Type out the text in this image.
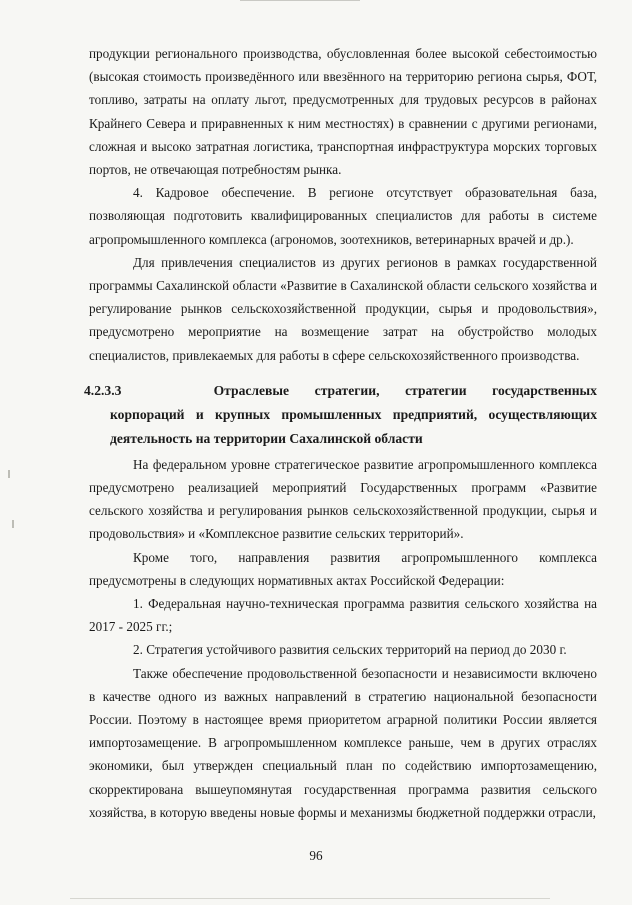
продукции регионального производства, обусловленная более высокой себестоимостью (высокая стоимость произведённого или ввезённого на территорию региона сырья, ФОТ, топливо, затраты на оплату льгот, предусмотренных для трудовых ресурсов в районах Крайнего Севера и приравненных к ним местностях) в сравнении с другими регионами, сложная и высоко затратная логистика, транспортная инфраструктура морских торговых портов, не отвечающая потребностям рынка.

4. Кадровое обеспечение. В регионе отсутствует образовательная база, позволяющая подготовить квалифицированных специалистов для работы в системе агропромышленного комплекса (агрономов, зоотехников, ветеринарных врачей и др.).

Для привлечения специалистов из других регионов в рамках государственной программы Сахалинской области «Развитие в Сахалинской области сельского хозяйства и регулирование рынков сельскохозяйственной продукции, сырья и продовольствия», предусмотрено мероприятие на возмещение затрат на обустройство молодых специалистов, привлекаемых для работы в сфере сельскохозяйственного производства.

4.2.3.3	Отраслевые стратегии, стратегии государственных
корпораций и крупных промышленных предприятий, осуществляющих деятельность на территории Сахалинской области

На федеральном уровне стратегическое развитие агропромышленного комплекса предусмотрено реализацией мероприятий Государственных программ «Развитие сельского хозяйства и регулирования рынков сельскохозяйственной продукции, сырья и продовольствия» и «Комплексное развитие сельских территорий».

Кроме того, направления развития агропромышленного комплекса предусмотрены в следующих нормативных актах Российской Федерации:

1. Федеральная научно-техническая программа развития сельского хозяйства на 2017 - 2025 гг.;

2. Стратегия устойчивого развития сельских территорий на период до 2030 г.

Также обеспечение продовольственной безопасности и независимости включено в качестве одного из важных направлений в стратегию национальной безопасности России. Поэтому в настоящее время приоритетом аграрной политики России является импортозамещение. В агропромышленном комплексе раньше, чем в других отраслях экономики, был утвержден специальный план по содействию импортозамещению, скорректирована вышеупомянутая государственная программа развития сельского хозяйства, в которую введены новые формы и механизмы бюджетной поддержки отрасли,

96
